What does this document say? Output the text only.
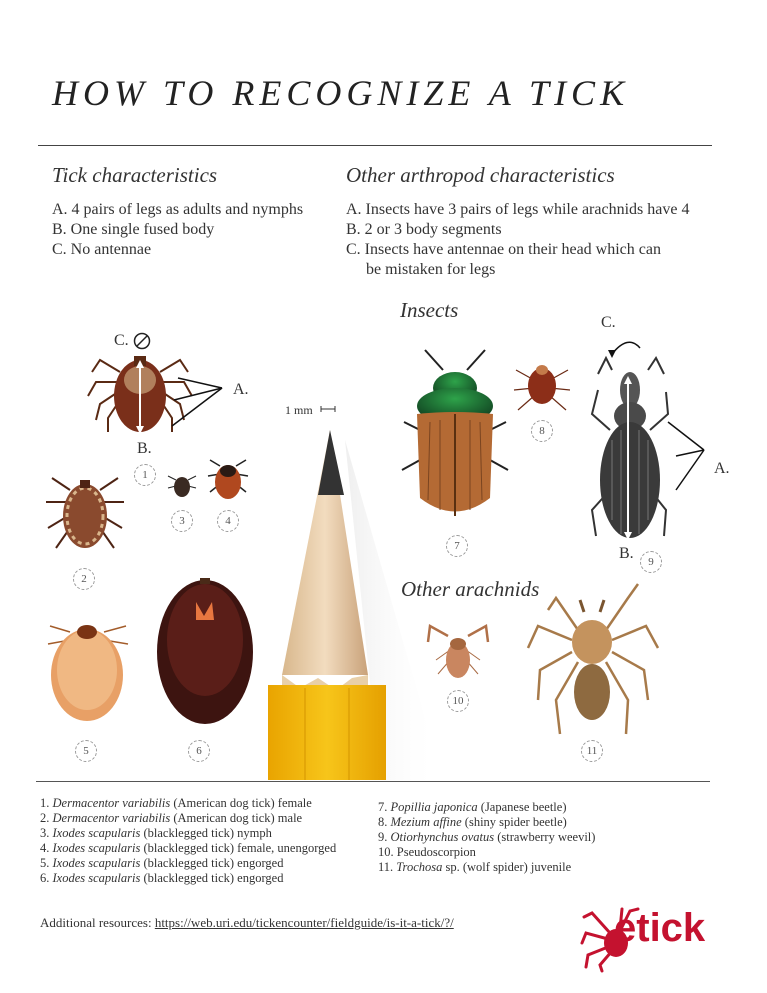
HOW TO RECOGNIZE A TICK
Tick characteristics
A. 4 pairs of legs as adults and nymphs
B. One single fused body
C. No antennae
Other arthropod characteristics
A. Insects have 3 pairs of legs while arachnids have 4
B. 2 or 3 body segments
C. Insects have antennae on their head which can
be mistaken for legs
Insects
Other arachnids
1 mm
C.
A.
B.
C.
A.
B.
1
2
3	4
5	6
7
8
9
10
11
1. Dermacentor variabilis (American dog tick) female
2. Dermacentor variabilis (American dog tick) male
3. Ixodes scapularis (blacklegged tick) nymph
4. Ixodes scapularis (blacklegged tick) female, unengorged
5. Ixodes scapularis (blacklegged tick) engorged
6. Ixodes scapularis (blacklegged tick) engorged
7. Popillia japonica (Japanese beetle)
8. Mezium affine (shiny spider beetle)
9. Otiorhynchus ovatus (strawberry weevil)
10. Pseudoscorpion
11. Trochosa sp. (wolf spider) juvenile
Additional resources: https://web.uri.edu/tickencounter/fieldguide/is-it-a-tick/?/	etick
